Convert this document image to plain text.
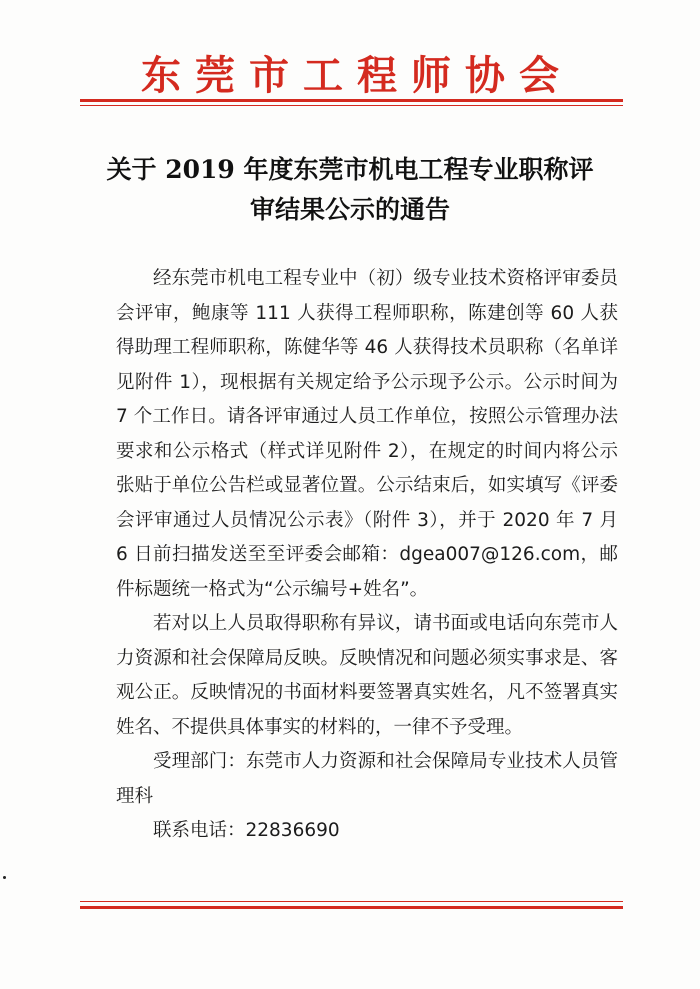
东莞市工程师协会
关于 2019 年度东莞市机电工程专业职称评
审结果公示的通告

经东莞市机电工程专业中（初）级专业技术资格评审委员会评审，鲍康等 111 人获得工程师职称，陈建创等 60 人获得助理工程师职称，陈健华等 46 人获得技术员职称（名单详见附件 1），现根据有关规定给予公示现予公示。公示时间为 7 个工作日。请各评审通过人员工作单位，按照公示管理办法要求和公示格式（样式详见附件 2），在规定的时间内将公示张贴于单位公告栏或显著位置。公示结束后，如实填写《评委会评审通过人员情况公示表》（附件 3），并于 2020 年 7 月 6 日前扫描发送至至评委会邮箱：dgea007@126.com，邮件标题统一格式为“公示编号+姓名”。

若对以上人员取得职称有异议，请书面或电话向东莞市人力资源和社会保障局反映。反映情况和问题必须实事求是、客观公正。反映情况的书面材料要签署真实姓名，凡不签署真实姓名、不提供具体事实的材料的，一律不予受理。

受理部门：东莞市人力资源和社会保障局专业技术人员管理科

联系电话：22836690
